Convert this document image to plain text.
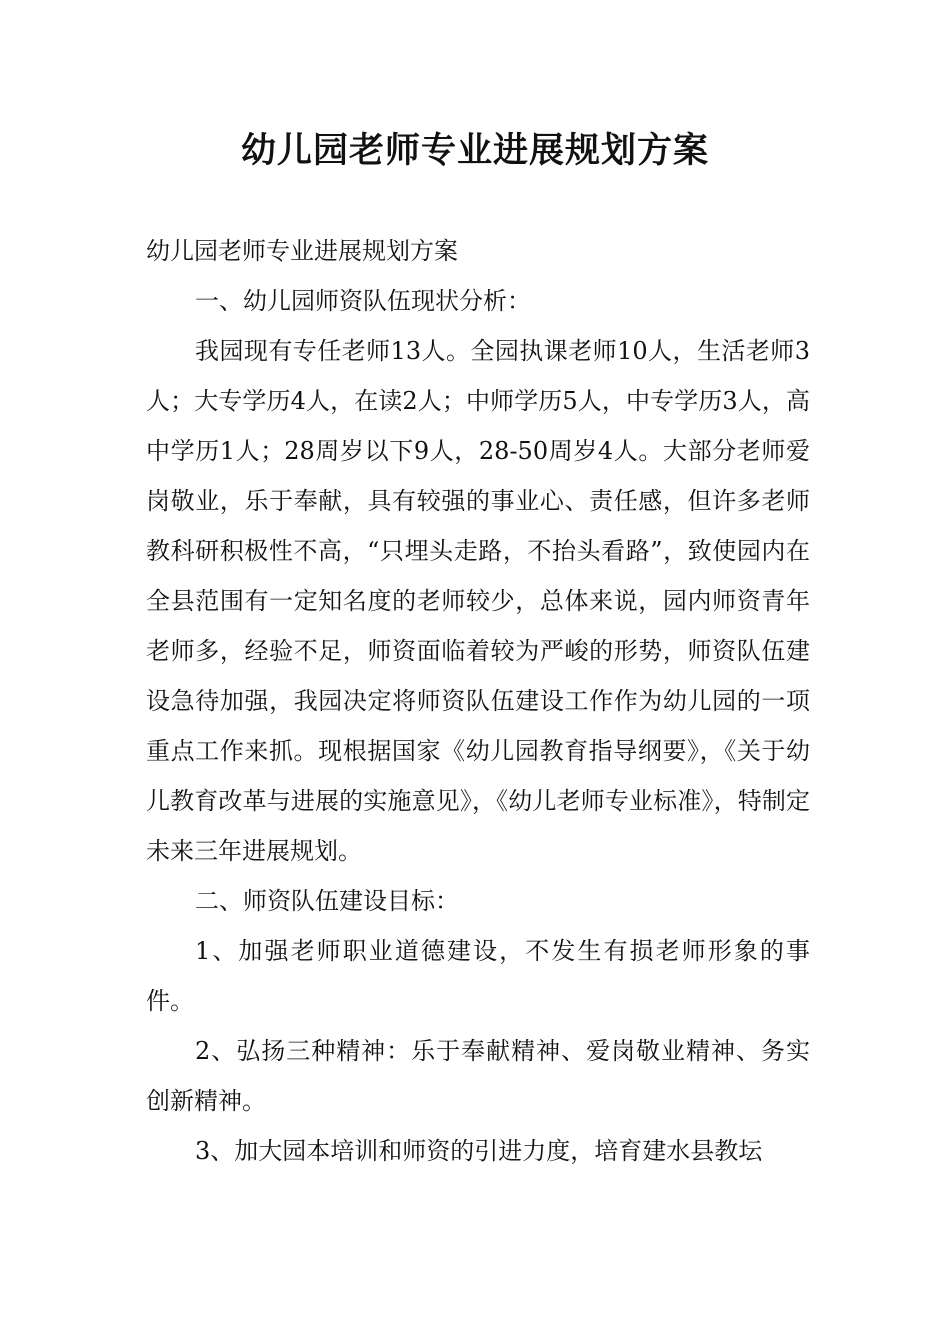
幼儿园老师专业进展规划方案

幼儿园老师专业进展规划方案

一、幼儿园师资队伍现状分析：

我园现有专任老师13人。全园执课老师10人，生活老师3人；大专学历4人，在读2人；中师学历5人，中专学历3人，高中学历1人；28周岁以下9人，28-50周岁4人。大部分老师爱岗敬业，乐于奉献，具有较强的事业心、责任感，但许多老师教科研积极性不高，“只埋头走路，不抬头看路”，致使园内在全县范围有一定知名度的老师较少，总体来说，园内师资青年老师多，经验不足，师资面临着较为严峻的形势，师资队伍建设急待加强，我园决定将师资队伍建设工作作为幼儿园的一项重点工作来抓。现根据国家《幼儿园教育指导纲要》，《关于幼儿教育改革与进展的实施意见》，《幼儿老师专业标准》，特制定未来三年进展规划。

二、师资队伍建设目标：

1、加强老师职业道德建设，不发生有损老师形象的事件。

2、弘扬三种精神：乐于奉献精神、爱岗敬业精神、务实创新精神。

3、加大园本培训和师资的引进力度，培育建水县教坛
